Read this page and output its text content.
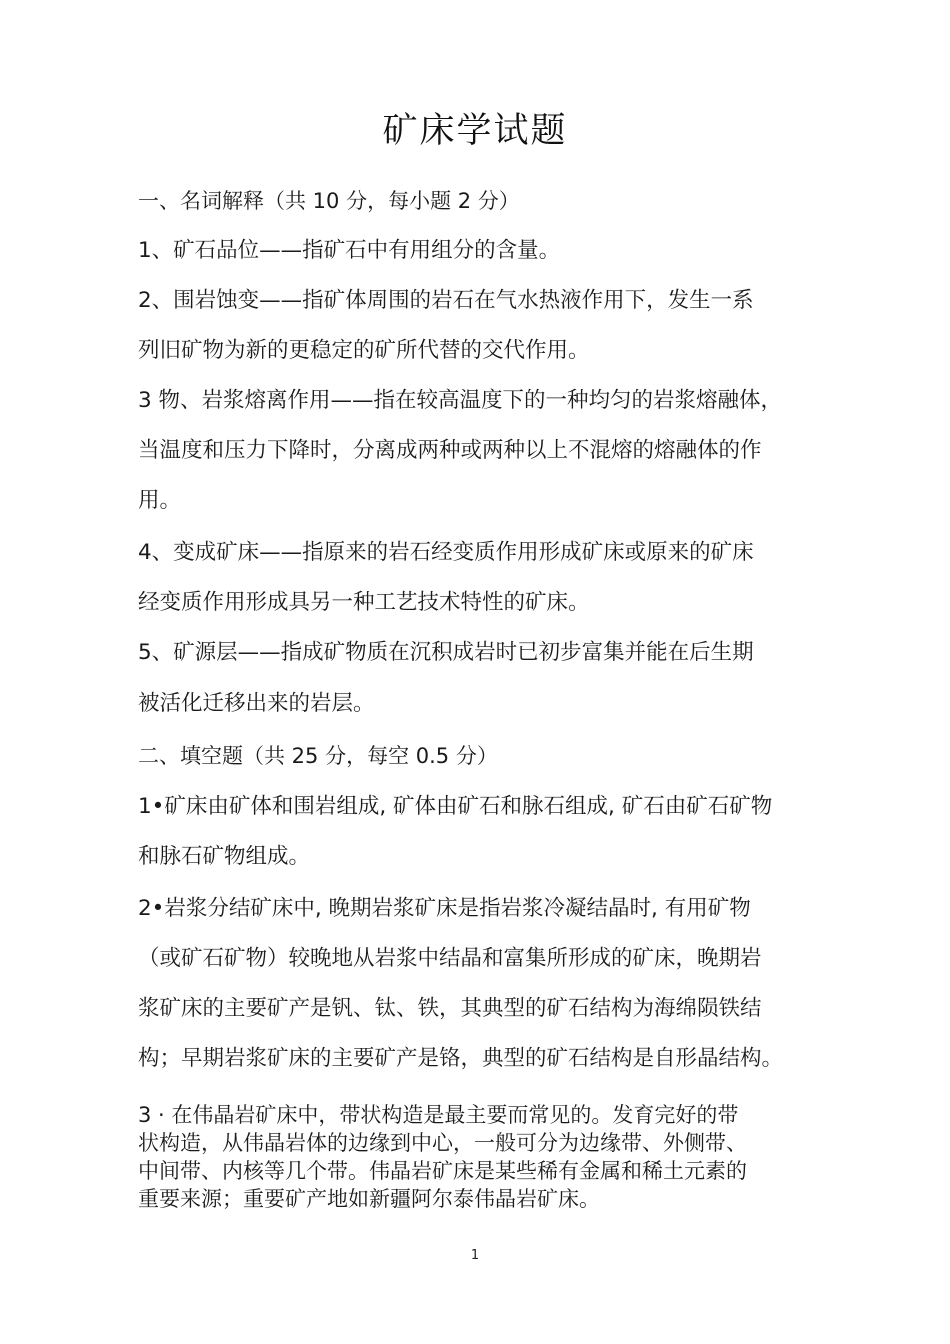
矿床学试题
一、名词解释（共 10 分，每小题 2 分）
1、矿石品位——指矿石中有用组分的含量。
2、围岩蚀变——指矿体周围的岩石在气水热液作用下，发生一系
列旧矿物为新的更稳定的矿所代替的交代作用。
3 物、岩浆熔离作用——指在较高温度下的一种均匀的岩浆熔融体，
当温度和压力下降时，分离成两种或两种以上不混熔的熔融体的作
用。
4、变成矿床——指原来的岩石经变质作用形成矿床或原来的矿床
经变质作用形成具另一种工艺技术特性的矿床。
5、矿源层——指成矿物质在沉积成岩时已初步富集并能在后生期
被活化迁移出来的岩层。
二、填空题（共 25 分，每空 0.5 分）
1•矿床由矿体和围岩组成, 矿体由矿石和脉石组成, 矿石由矿石矿物
和脉石矿物组成。
2•岩浆分结矿床中, 晚期岩浆矿床是指岩浆冷凝结晶时, 有用矿物
（或矿石矿物）较晚地从岩浆中结晶和富集所形成的矿床，晚期岩
浆矿床的主要矿产是钒、钛、铁，其典型的矿石结构为海绵陨铁结
构；早期岩浆矿床的主要矿产是铬，典型的矿石结构是自形晶结构。
3 · 在伟晶岩矿床中，带状构造是最主要而常见的。发育完好的带
状构造，从伟晶岩体的边缘到中心，一般可分为边缘带、外侧带、
中间带、内核等几个带。伟晶岩矿床是某些稀有金属和稀土元素的
重要来源；重要矿产地如新疆阿尔泰伟晶岩矿床。
1
